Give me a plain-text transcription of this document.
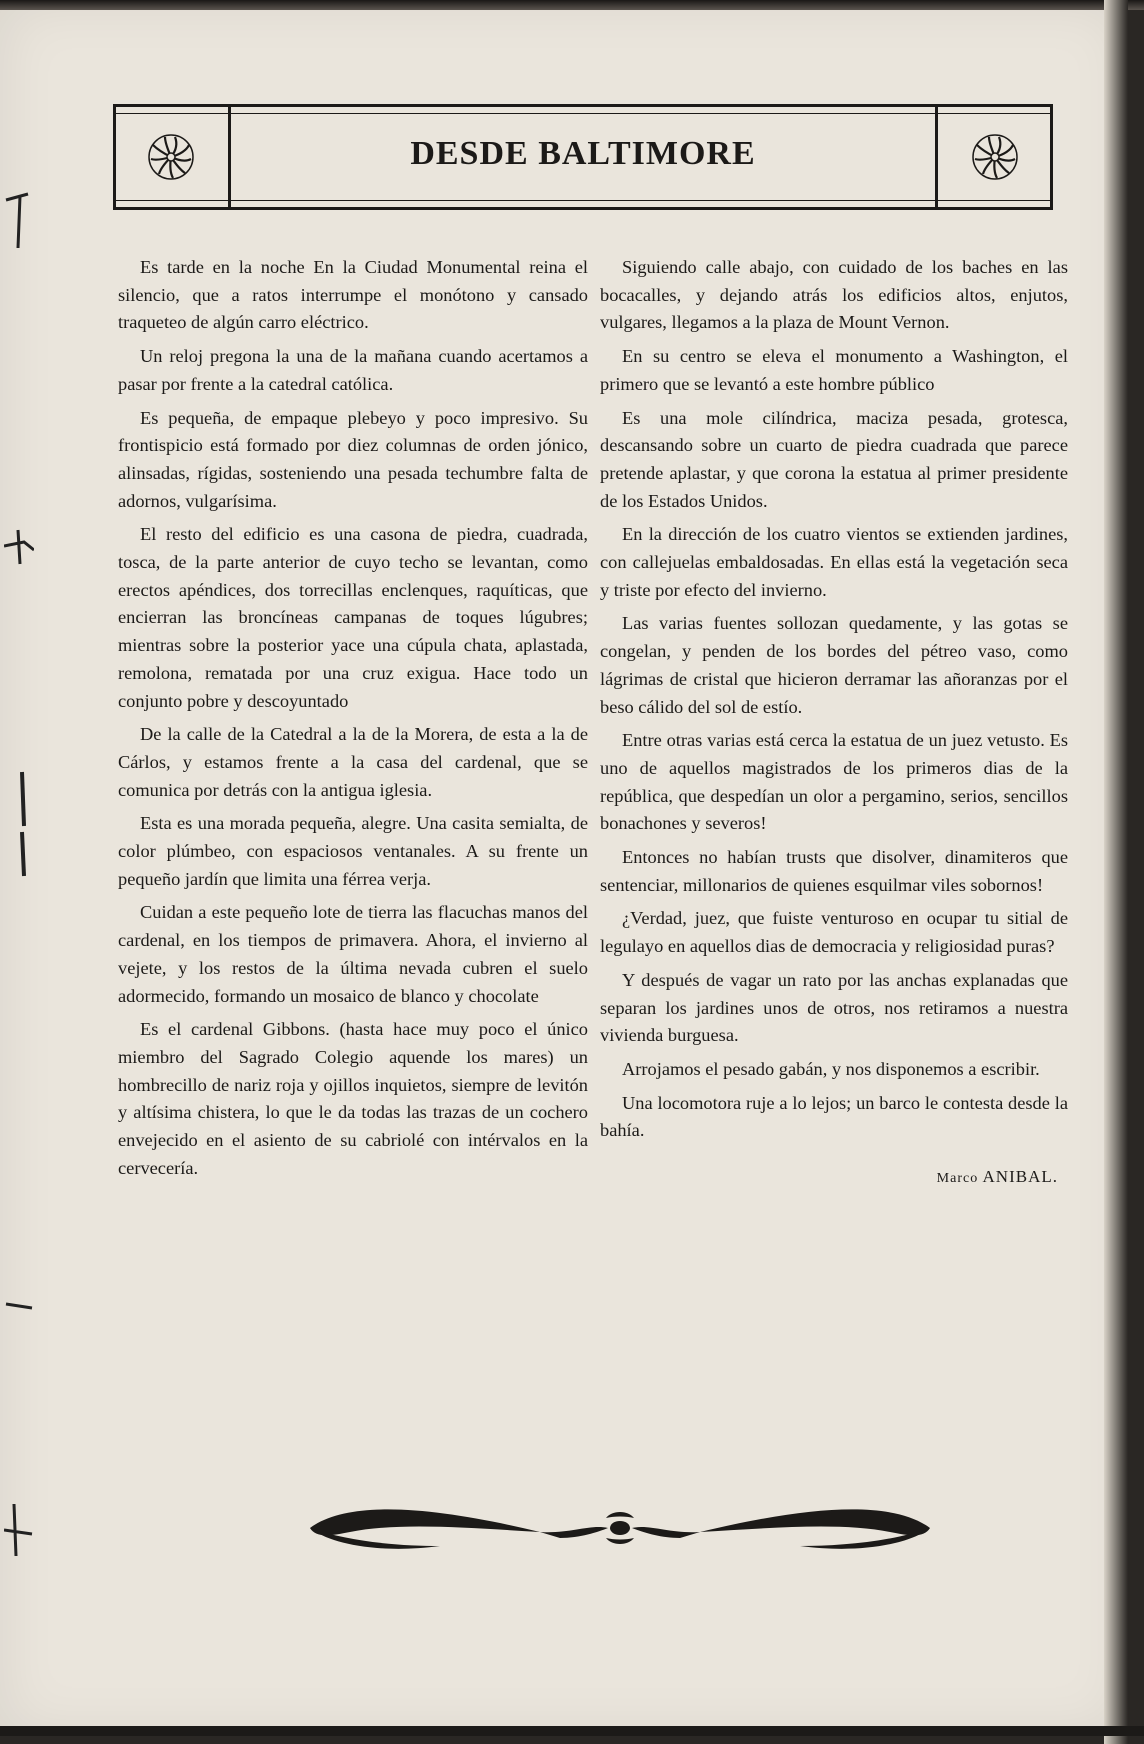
DESDE BALTIMORE

Es tarde en la noche En la Ciudad Monumental reina el silencio, que a ratos interrumpe el monótono y cansado traqueteo de algún carro eléctrico.

Un reloj pregona la una de la mañana cuando acertamos a pasar por frente a la catedral católica.

Es pequeña, de empaque plebeyo y poco impresivo. Su frontispicio está formado por diez columnas de orden jónico, alinsadas, rígidas, sosteniendo una pesada techumbre falta de adornos, vulgarísima.

El resto del edificio es una casona de piedra, cuadrada, tosca, de la parte anterior de cuyo techo se levantan, como erectos apéndices, dos torrecillas enclenques, raquíticas, que encierran las broncíneas campanas de toques lúgubres; mientras sobre la posterior yace una cúpula chata, aplastada, remolona, rematada por una cruz exigua. Hace todo un conjunto pobre y descoyuntado

De la calle de la Catedral a la de la Morera, de esta a la de Cárlos, y estamos frente a la casa del cardenal, que se comunica por detrás con la antigua iglesia.

Esta es una morada pequeña, alegre. Una casita semialta, de color plúmbeo, con espaciosos ventanales. A su frente un pequeño jardín que limita una férrea verja.

Cuidan a este pequeño lote de tierra las flacuchas manos del cardenal, en los tiempos de primavera. Ahora, el invierno al vejete, y los restos de la última nevada cubren el suelo adormecido, formando un mosaico de blanco y chocolate

Es el cardenal Gibbons. (hasta hace muy poco el único miembro del Sagrado Colegio aquende los mares) un hombrecillo de nariz roja y ojillos inquietos, siempre de levitón y altísima chistera, lo que le da todas las trazas de un cochero envejecido en el asiento de su cabriolé con intérvalos en la cervecería.

Siguiendo calle abajo, con cuidado de los baches en las bocacalles, y dejando atrás los edificios altos, enjutos, vulgares, llegamos a la plaza de Mount Vernon.

En su centro se eleva el monumento a Washington, el primero que se levantó a este hombre público

Es una mole cilíndrica, maciza pesada, grotesca, descansando sobre un cuarto de piedra cuadrada que parece pretende aplastar, y que corona la estatua al primer presidente de los Estados Unidos.

En la dirección de los cuatro vientos se extienden jardines, con callejuelas embaldosadas. En ellas está la vegetación seca y triste por efecto del invierno.

Las varias fuentes sollozan quedamente, y las gotas se congelan, y penden de los bordes del pétreo vaso, como lágrimas de cristal que hicieron derramar las añoranzas por el beso cálido del sol de estío.

Entre otras varias está cerca la estatua de un juez vetusto. Es uno de aquellos magistrados de los primeros dias de la república, que despedían un olor a pergamino, serios, sencillos bonachones y severos!

Entonces no habían trusts que disolver, dinamiteros que sentenciar, millonarios de quienes esquilmar viles sobornos!

¿Verdad, juez, que fuiste venturoso en ocupar tu sitial de legulayo en aquellos dias de democracia y religiosidad puras?

Y después de vagar un rato por las anchas explanadas que separan los jardines unos de otros, nos retiramos a nuestra vivienda burguesa.

Arrojamos el pesado gabán, y nos disponemos a escribir.

Una locomotora ruje a lo lejos; un barco le contesta desde la bahía.

Marco ANIBAL.
